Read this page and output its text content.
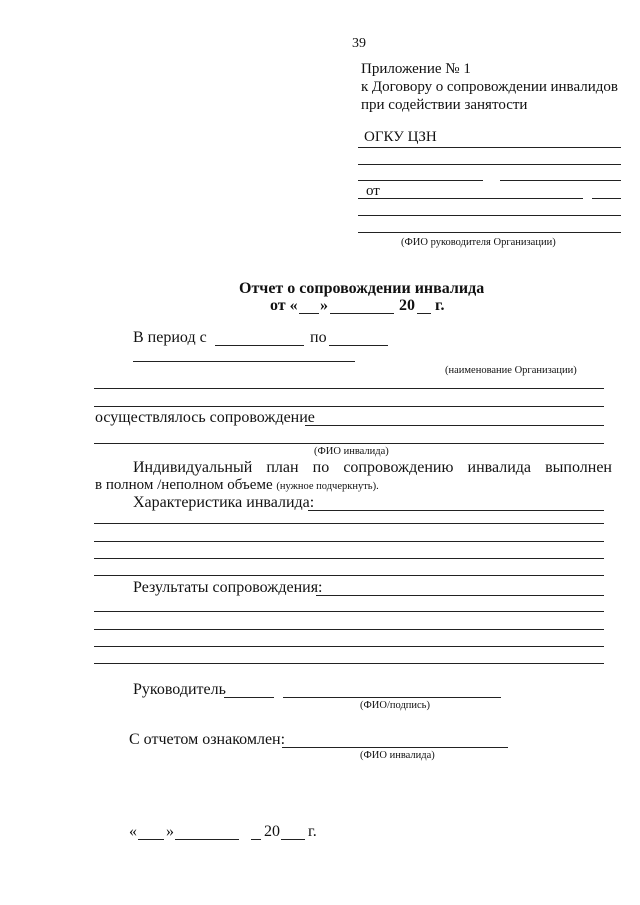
39
Приложение № 1
к Договору о сопровождении инвалидов
при содействии занятости
ОГКУ ЦЗН
от
(ФИО руководителя Организации)
Отчет о сопровождении инвалида
от « »	20 г.
В период с	по
(наименование Организации)
осуществлялось сопровождение
(ФИО инвалида)
Индивидуальный план по сопровождению инвалида выполнен
в полном /неполном объеме (нужное подчеркнуть).
Характеристика инвалида:
Результаты сопровождения:
Руководитель
(ФИО/подпись)
С отчетом ознакомлен:
(ФИО инвалида)
« »	20 г.
